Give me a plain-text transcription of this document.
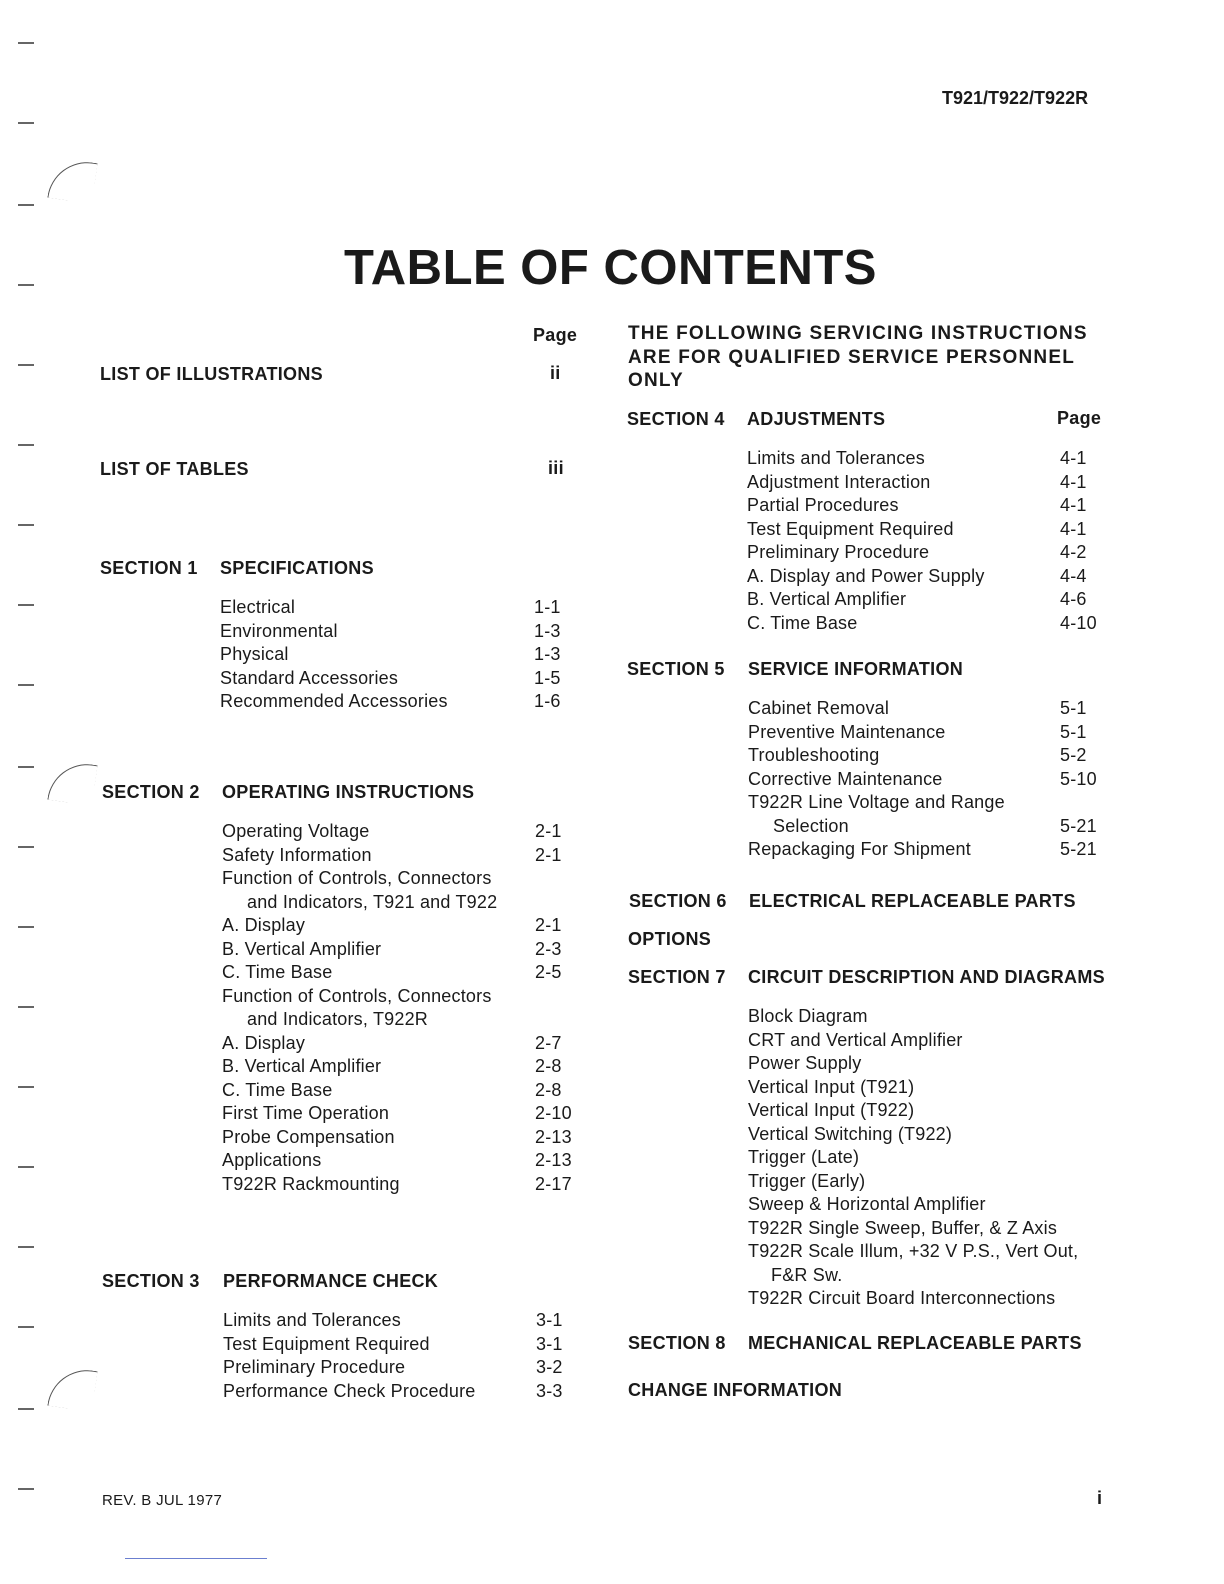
T921/T922/T922R
TABLE OF CONTENTS
Page
LIST OF ILLUSTRATIONS	ii
LIST OF TABLES	iii
SECTION 1 SPECIFICATIONS
Electrical	1-1
Environmental	1-3
Physical	1-3
Standard Accessories	1-5
Recommended Accessories	1-6
SECTION 2 OPERATING INSTRUCTIONS
Operating Voltage	2-1
Safety Information	2-1
Function of Controls, Connectors
and Indicators, T921 and T922
A. Display	2-1
B. Vertical Amplifier	2-3
C. Time Base	2-5
Function of Controls, Connectors
and Indicators, T922R
A. Display	2-7
B. Vertical Amplifier	2-8
C. Time Base	2-8
First Time Operation	2-10
Probe Compensation	2-13
Applications	2-13
T922R Rackmounting	2-17
SECTION 3 PERFORMANCE CHECK
Limits and Tolerances	3-1
Test Equipment Required	3-1
Preliminary Procedure	3-2
Performance Check Procedure	3-3
THE FOLLOWING SERVICING INSTRUCTIONS
ARE FOR QUALIFIED SERVICE PERSONNEL
ONLY
SECTION 4 ADJUSTMENTS	Page
Limits and Tolerances	4-1
Adjustment Interaction	4-1
Partial Procedures	4-1
Test Equipment Required	4-1
Preliminary Procedure	4-2
A. Display and Power Supply	4-4
B. Vertical Amplifier	4-6
C. Time Base	4-10
SECTION 5 SERVICE INFORMATION
Cabinet Removal	5-1
Preventive Maintenance	5-1
Troubleshooting	5-2
Corrective Maintenance	5-10
T922R Line Voltage and Range
Selection	5-21
Repackaging For Shipment	5-21
SECTION 6 ELECTRICAL REPLACEABLE PARTS
OPTIONS
SECTION 7 CIRCUIT DESCRIPTION AND DIAGRAMS
Block Diagram
CRT and Vertical Amplifier
Power Supply
Vertical Input (T921)
Vertical Input (T922)
Vertical Switching (T922)
Trigger (Late)
Trigger (Early)
Sweep & Horizontal Amplifier
T922R Single Sweep, Buffer, & Z Axis
T922R Scale Illum, +32 V P.S., Vert Out,
F&R Sw.
T922R Circuit Board Interconnections
SECTION 8 MECHANICAL REPLACEABLE PARTS
CHANGE INFORMATION
REV. B JUL 1977	i
